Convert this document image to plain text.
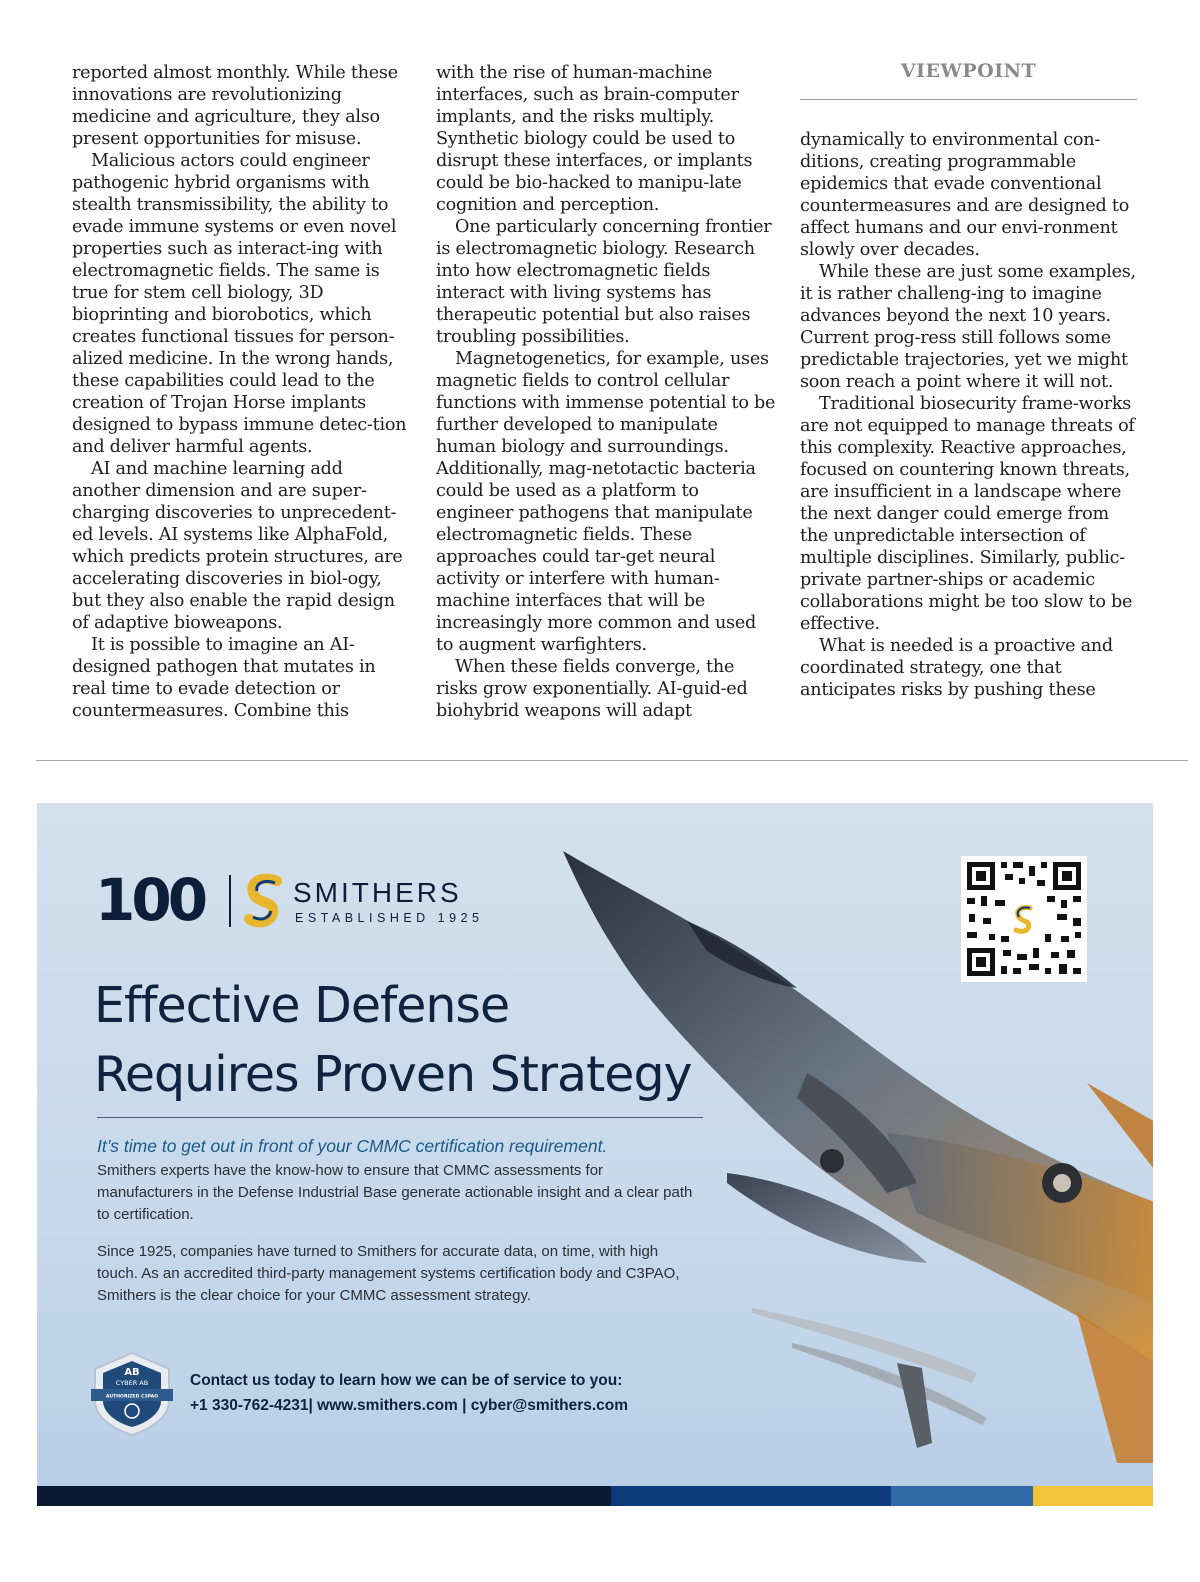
reported almost monthly. While these innovations are revolutionizing medicine and agriculture, they also present opportunities for misuse.

Malicious actors could engineer pathogenic hybrid organisms with stealth transmissibility, the ability to evade immune systems or even novel properties such as interact-ing with electromagnetic fields. The same is true for stem cell biology, 3D bioprinting and biorobotics, which creates functional tissues for person-alized medicine. In the wrong hands, these capabilities could lead to the creation of Trojan Horse implants designed to bypass immune detec-tion and deliver harmful agents.

AI and machine learning add another dimension and are super-charging discoveries to unprecedent-ed levels. AI systems like AlphaFold, which predicts protein structures, are accelerating discoveries in biol-ogy, but they also enable the rapid design of adaptive bioweapons.

It is possible to imagine an AI-designed pathogen that mutates in real time to evade detection or countermeasures. Combine this

with the rise of human-machine interfaces, such as brain-computer implants, and the risks multiply. Synthetic biology could be used to disrupt these interfaces, or implants could be bio-hacked to manipu-late cognition and perception.

One particularly concerning frontier is electromagnetic biology. Research into how electromagnetic fields interact with living systems has therapeutic potential but also raises troubling possibilities.

Magnetogenetics, for example, uses magnetic fields to control cellular functions with immense potential to be further developed to manipulate human biology and surroundings. Additionally, mag-netotactic bacteria could be used as a platform to engineer pathogens that manipulate electromagnetic fields. These approaches could tar-get neural activity or interfere with human-machine interfaces that will be increasingly more common and used to augment warfighters.

When these fields converge, the risks grow exponentially. AI-guid-ed biohybrid weapons will adapt

VIEWPOINT

dynamically to environmental con-ditions, creating programmable epidemics that evade conventional countermeasures and are designed to affect humans and our envi-ronment slowly over decades.

While these are just some examples, it is rather challeng-ing to imagine advances beyond the next 10 years. Current prog-ress still follows some predictable trajectories, yet we might soon reach a point where it will not.

Traditional biosecurity frame-works are not equipped to manage threats of this complexity. Reactive approaches, focused on countering known threats, are insufficient in a landscape where the next danger could emerge from the unpredictable intersection of multiple disciplines. Similarly, public-private partner-ships or academic collaborations might be too slow to be effective.

What is needed is a proactive and coordinated strategy, one that anticipates risks by pushing these

100	SMITHERS
ESTABLISHED 1925
Effective Defense
Requires Proven Strategy
It’s time to get out in front of your CMMC certification requirement.
Smithers experts have the know-how to ensure that CMMC assessments for manufacturers in the Defense Industrial Base generate actionable insight and a clear path to certification.
Since 1925, companies have turned to Smithers for accurate data, on time, with high touch. As an accredited third-party management systems certification body and C3PAO, Smithers is the clear choice for your CMMC assessment strategy.
AB
CYBER AB
AUTHORIZED C3PAO
Contact us today to learn how we can be of service to you:
+1 330-762-4231| www.smithers.com | cyber@smithers.com
